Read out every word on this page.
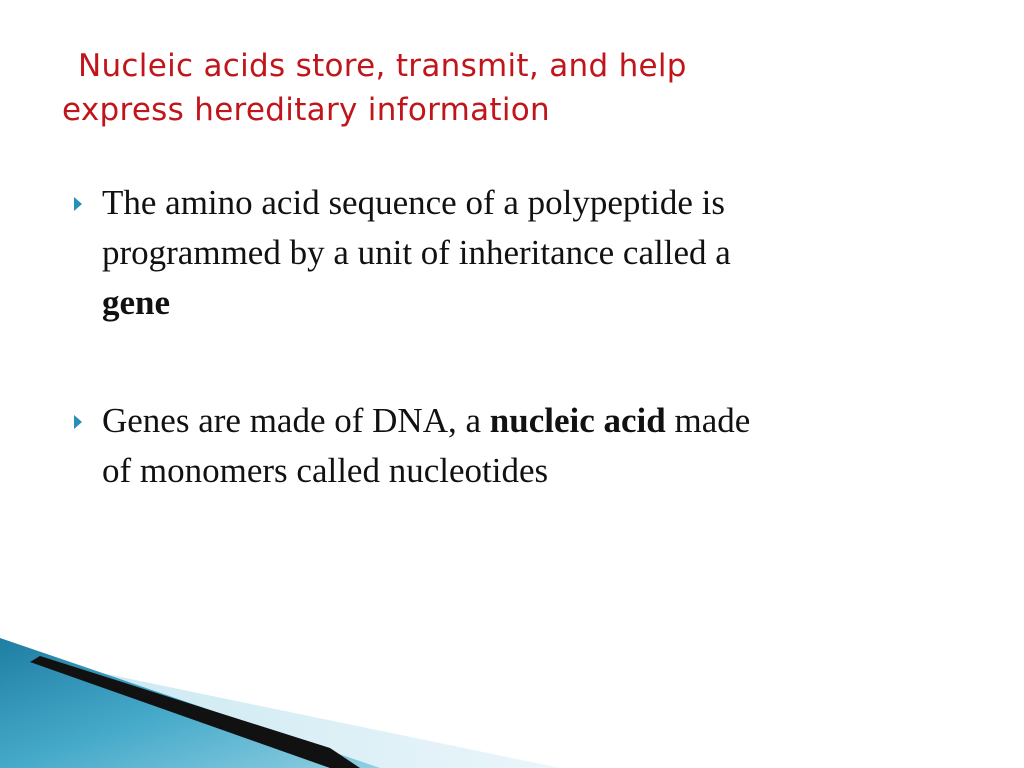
Nucleic acids store, transmit, and help
express hereditary information
The amino acid sequence of a polypeptide is
programmed by a unit of inheritance called a
gene
Genes are made of DNA, a nucleic acid made
of monomers called nucleotides
